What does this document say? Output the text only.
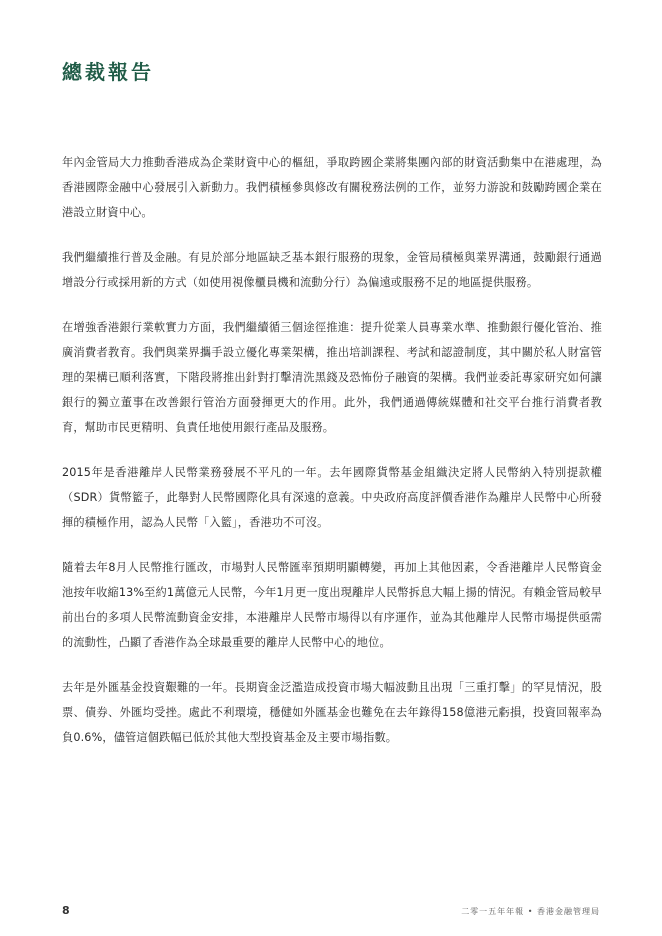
總裁報告

年內金管局大力推動香港成為企業財資中心的樞紐，爭取跨國企業將集團內部的財資活動集中在港處理，為香港國際金融中心發展引入新動力。我們積極參與修改有關稅務法例的工作，並努力游說和鼓勵跨國企業在港設立財資中心。

我們繼續推行普及金融。有見於部分地區缺乏基本銀行服務的現象，金管局積極與業界溝通，鼓勵銀行通過增設分行或採用新的方式（如使用視像櫃員機和流動分行）為偏遠或服務不足的地區提供服務。

在增強香港銀行業軟實力方面，我們繼續循三個途徑推進：提升從業人員專業水準、推動銀行優化管治、推廣消費者教育。我們與業界攜手設立優化專業架構，推出培訓課程、考試和認證制度，其中關於私人財富管理的架構已順利落實，下階段將推出針對打擊清洗黑錢及恐怖份子融資的架構。我們並委託專家研究如何讓銀行的獨立董事在改善銀行管治方面發揮更大的作用。此外，我們通過傳統媒體和社交平台推行消費者教育，幫助市民更精明、負責任地使用銀行產品及服務。

2015年是香港離岸人民幣業務發展不平凡的一年。去年國際貨幣基金組織決定將人民幣納入特別提款權（SDR）貨幣籃子，此舉對人民幣國際化具有深遠的意義。中央政府高度評價香港作為離岸人民幣中心所發揮的積極作用，認為人民幣「入籃」，香港功不可沒。

隨着去年8月人民幣推行匯改，市場對人民幣匯率預期明顯轉變，再加上其他因素，令香港離岸人民幣資金池按年收縮13%至約1萬億元人民幣，今年1月更一度出現離岸人民幣拆息大幅上揚的情況。有賴金管局較早前出台的多項人民幣流動資金安排，本港離岸人民幣市場得以有序運作，並為其他離岸人民幣市場提供亟需的流動性，凸顯了香港作為全球最重要的離岸人民幣中心的地位。

去年是外匯基金投資艱難的一年。長期資金泛濫造成投資市場大幅波動且出現「三重打擊」的罕見情況，股票、債券、外匯均受挫。處此不利環境，穩健如外匯基金也難免在去年錄得158億港元虧損，投資回報率為負0.6%，儘管這個跌幅已低於其他大型投資基金及主要市場指數。

8	二零一五年年報 • 香港金融管理局
